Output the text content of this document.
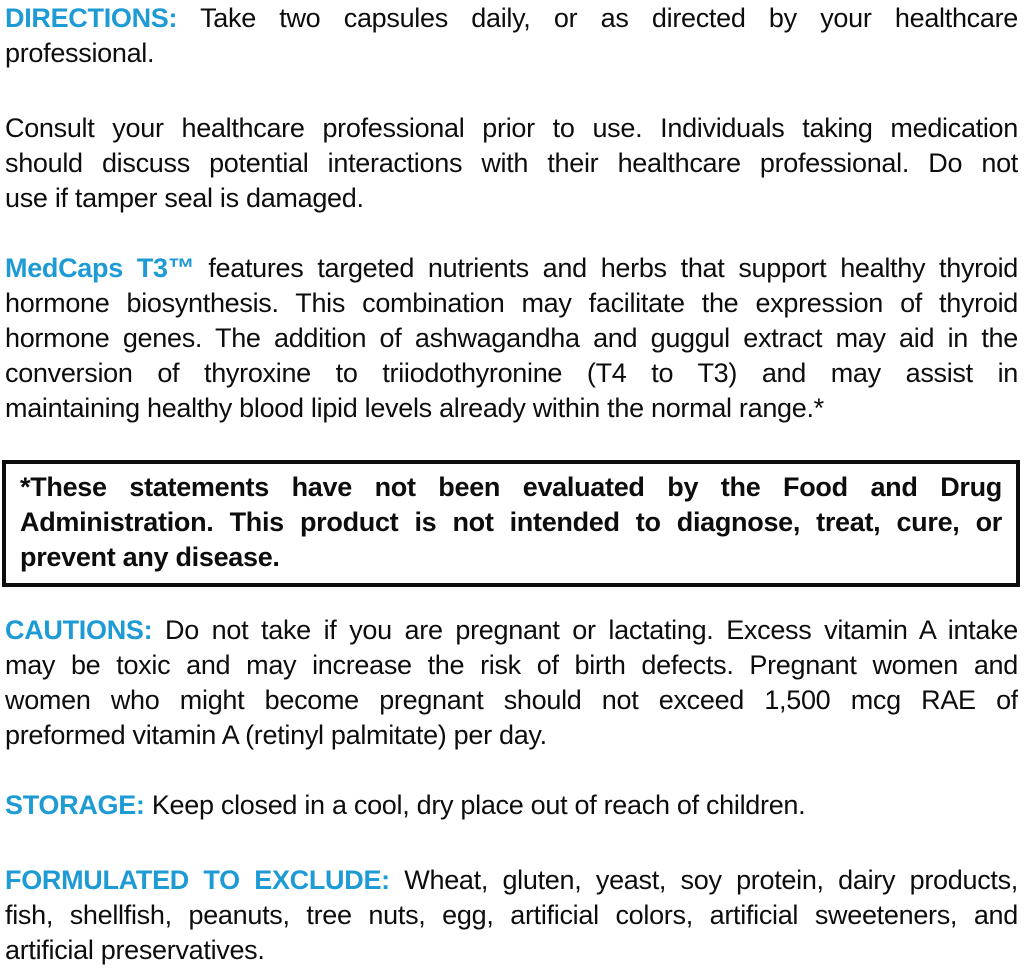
DIRECTIONS: Take two capsules daily, or as directed by your healthcare
professional.
Consult your healthcare professional prior to use. Individuals taking medication
should discuss potential interactions with their healthcare professional. Do not
use if tamper seal is damaged.
MedCaps T3™ features targeted nutrients and herbs that support healthy thyroid
hormone biosynthesis. This combination may facilitate the expression of thyroid
hormone genes. The addition of ashwagandha and guggul extract may aid in the
conversion of thyroxine to triiodothyronine (T4 to T3) and may assist in
maintaining healthy blood lipid levels already within the normal range.*
*These statements have not been evaluated by the Food and Drug
Administration. This product is not intended to diagnose, treat, cure, or
prevent any disease.
CAUTIONS: Do not take if you are pregnant or lactating. Excess vitamin A intake
may be toxic and may increase the risk of birth defects. Pregnant women and
women who might become pregnant should not exceed 1,500 mcg RAE of
preformed vitamin A (retinyl palmitate) per day.
STORAGE: Keep closed in a cool, dry place out of reach of children.
FORMULATED TO EXCLUDE: Wheat, gluten, yeast, soy protein, dairy products,
fish, shellfish, peanuts, tree nuts, egg, artificial colors, artificial sweeteners, and
artificial preservatives.
